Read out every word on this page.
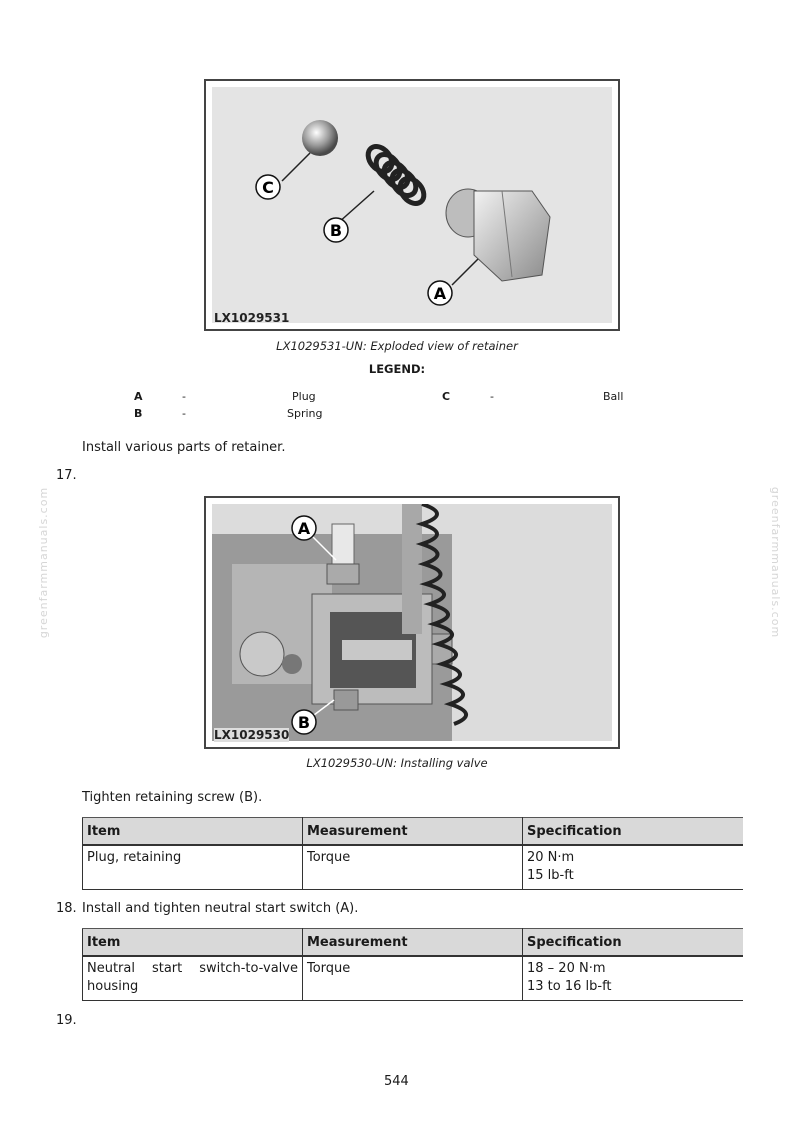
greenfarmmanuals.com	greenfarmmanuals.com
C
B
A
LX1029531
LX1029531-UN: Exploded view of retainer
LEGEND:
A	-	Plug
B	-	Spring
C	-	Ball
Install various parts of retainer.
17.
A
B
LX1029530
LX1029530-UN: Installing valve
Tighten retaining screw (B).
Item	Measurement	Specification
Plug, retaining	Torque	20 N·m
15 lb-ft
18. Install and tighten neutral start switch (A).
Item	Measurement	Specification
Neutral start switch-to-valve housing	Torque	18 – 20 N·m
13 to 16 lb-ft
19.
544
